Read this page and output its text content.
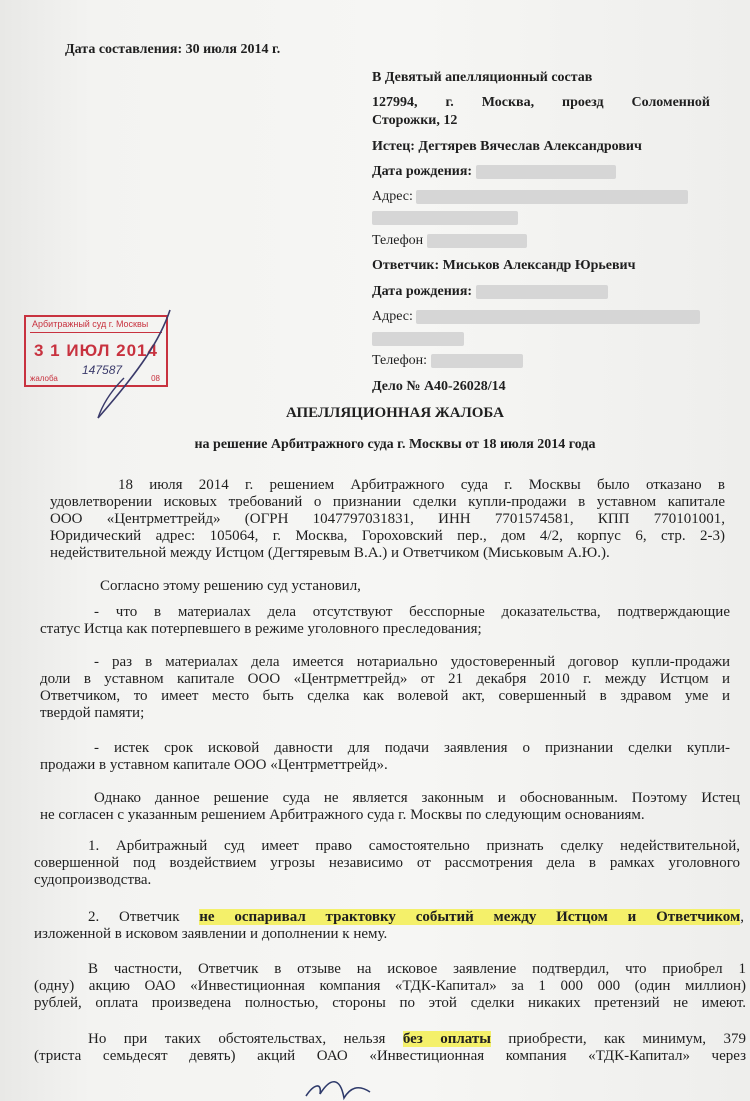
Дата составления: 30 июля 2014 г.
В Девятый апелляционный состав
127994, г. Москва, проезд Соломенной
Сторожки, 12
Истец: Дегтярев Вячеслав Александрович
Дата рождения:
Адрес:
Телефон
Ответчик: Миськов Александр Юрьевич
Дата рождения:
Адрес:
Телефон:
Дело № А40-26028/14
Арбитражный суд г. Москвы
3 1 ИЮЛ 2014
жалоба	08
147587
АПЕЛЛЯЦИОННАЯ ЖАЛОБА
на решение Арбитражного суда г. Москвы от 18 июля 2014 года
18 июля 2014 г. решением Арбитражного суда г. Москвы было отказано в
удовлетворении исковых требований о признании сделки купли-продажи в уставном капитале
ООО «Центрметтрейд» (ОГРН 1047797031831, ИНН 7701574581, КПП 770101001,
Юридический адрес: 105064, г. Москва, Гороховский пер., дом 4/2, корпус 6, стр. 2-3)
недействительной между Истцом (Дегтяревым В.А.) и Ответчиком (Миськовым А.Ю.).
Согласно этому решению суд установил,
- что в материалах дела отсутствуют бесспорные доказательства, подтверждающие
статус Истца как потерпевшего в режиме уголовного преследования;
- раз в материалах дела имеется нотариально удостоверенный договор купли-продажи
доли в уставном капитале ООО «Центрметтрейд» от 21 декабря 2010 г. между Истцом и
Ответчиком, то имеет место быть сделка как волевой акт, совершенный в здравом уме и
твердой памяти;
- истек срок исковой давности для подачи заявления о признании сделки купли-
продажи в уставном капитале ООО «Центрметтрейд».
Однако данное решение суда не является законным и обоснованным. Поэтому Истец
не согласен с указанным решением Арбитражного суда г. Москвы по следующим основаниям.
1. Арбитражный суд имеет право самостоятельно признать сделку недействительной,
совершенной под воздействием угрозы независимо от рассмотрения дела в рамках уголовного
судопроизводства.
2. Ответчик не оспаривал трактовку событий между Истцом и Ответчиком,
изложенной в исковом заявлении и дополнении к нему.
В частности, Ответчик в отзыве на исковое заявление подтвердил, что приобрел 1
(одну) акцию ОАО «Инвестиционная компания «ТДК-Капитал» за 1 000 000 (один миллион)
рублей, оплата произведена полностью, стороны по этой сделки никаких претензий не имеют.
Но при таких обстоятельствах, нельзя без оплаты приобрести, как минимум, 379
(триста семьдесят девять) акций ОАО «Инвестиционная компания «ТДК-Капитал» через
